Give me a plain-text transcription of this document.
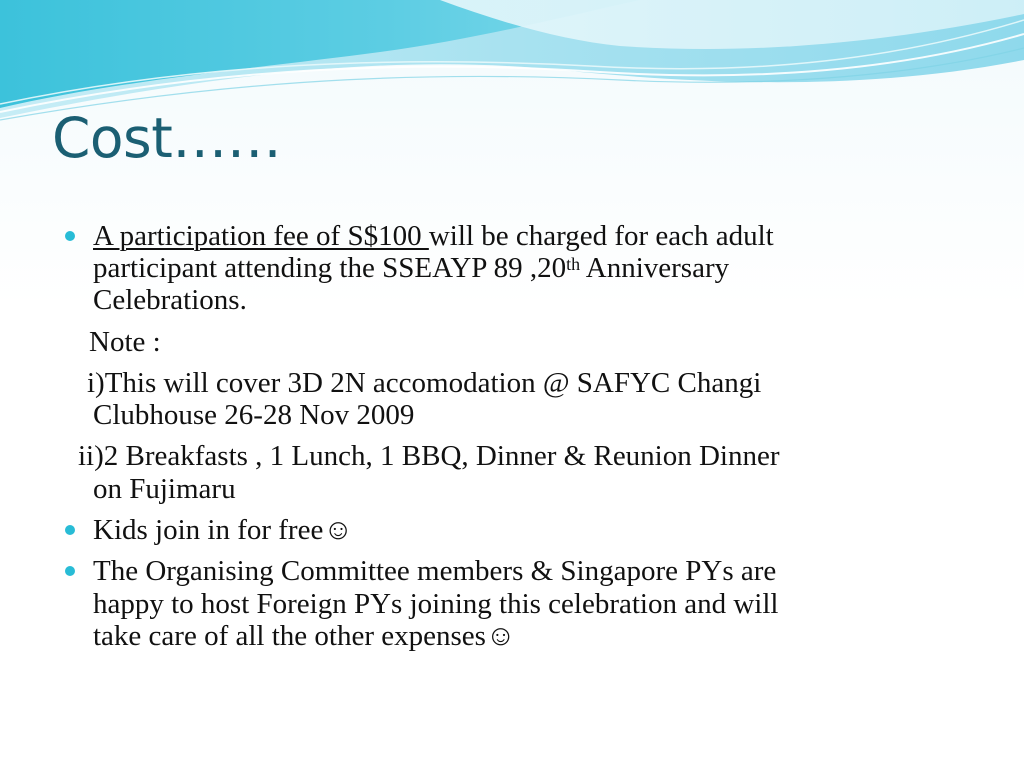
Cost……
A participation fee of S$100 will be charged for each adult
participant attending the SSEAYP 89 ,20th Anniversary
Celebrations.
Note :
i)This will cover 3D 2N accomodation @ SAFYC Changi
Clubhouse 26-28 Nov 2009
ii)2 Breakfasts , 1 Lunch, 1 BBQ, Dinner & Reunion Dinner
on Fujimaru
Kids join in for free☺
The Organising Committee members & Singapore PYs are
happy to host Foreign PYs joining this celebration and will
take care of all the other expenses☺
